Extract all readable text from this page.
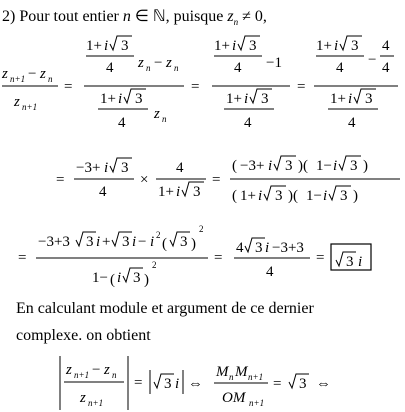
2) Pour tout entier n ∈ ℕ, puisque $z_n \ne 0$,
z n+1 − z n
z n+1
=
1+ i 3
4 z n − z n
1+ i 3
4
z n
=
1+ i 3
4 −1
1+ i 3
4
=
1+ i 3
4 −
4
4
1+ i 3
4
=
−3+ i 3
4
×
4
1+ i 3
=
( −3+ i 3 )( 1− i 3 )
( 1+ i 3 )( 1− i 3 )
=
−3+3 3 i + 3 i − i 2
( 3 )
2
1− ( i 3 )
2	=
4 3 i −3+3
4
= 3 i
z n+1 − z n
z n+1
= 3 i ⇔
M n M n+1
OM n+1
= 3 ⇔
En calculant module et argument de ce dernier
complexe. on obtient
